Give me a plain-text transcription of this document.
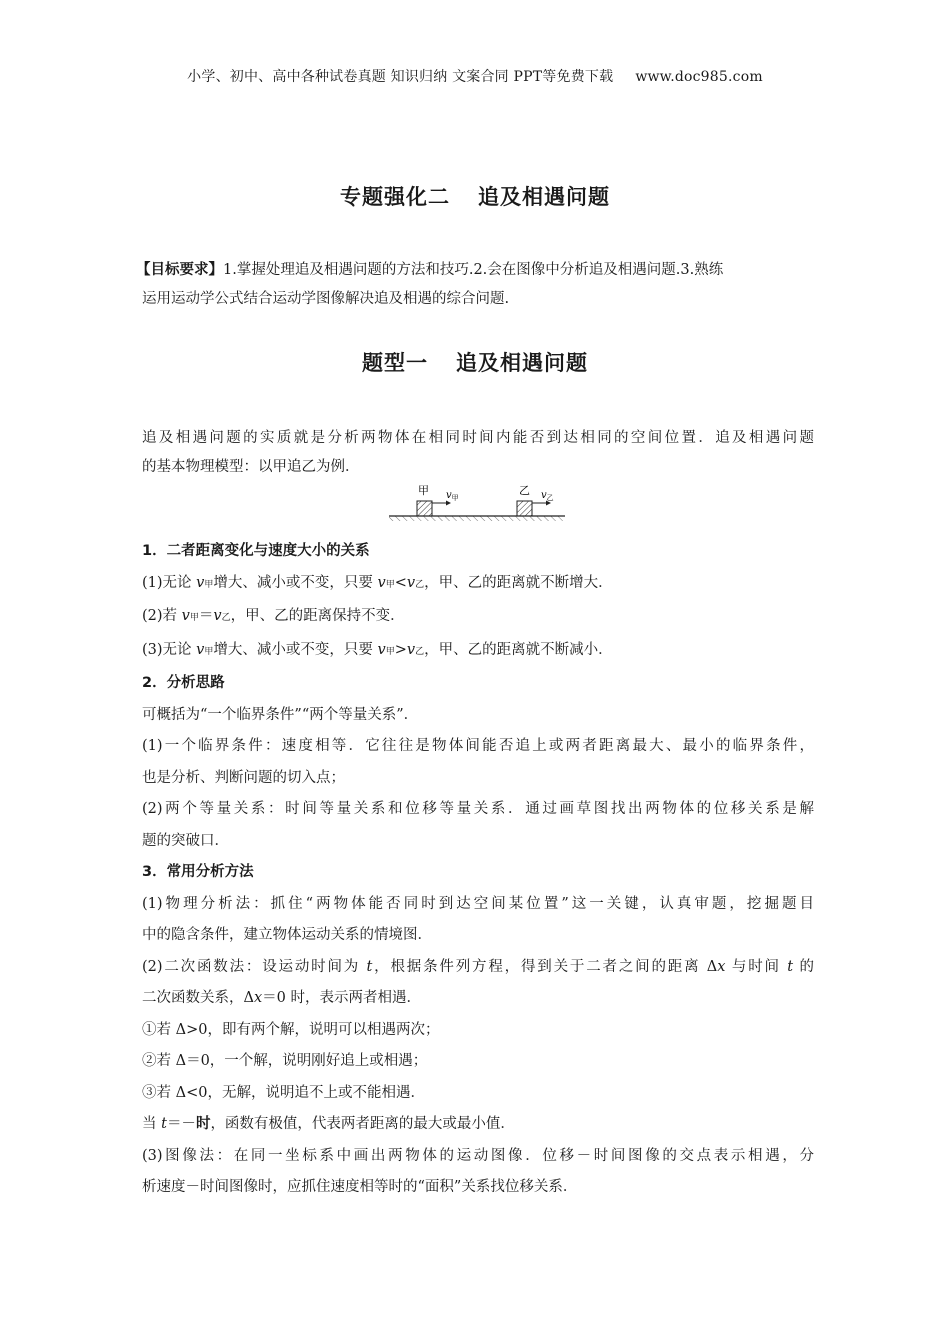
小学、初中、高中各种试卷真题 知识归纳 文案合同 PPT等免费下载 www.doc985.com
专题强化二 追及相遇问题
【目标要求】1.掌握处理追及相遇问题的方法和技巧.2.会在图像中分析追及相遇问题.3.熟练
运用运动学公式结合运动学图像解决追及相遇的综合问题.
题型一 追及相遇问题
追及相遇问题的实质就是分析两物体在相同时间内能否到达相同的空间位置．追及相遇问题
的基本物理模型：以甲追乙为例．
甲 $v_甲$
乙 $v_乙$

1．二者距离变化与速度大小的关系

(1)无论 v甲增大、减小或不变，只要 v甲<v乙，甲、乙的距离就不断增大．

(2)若 v甲＝v乙，甲、乙的距离保持不变．

(3)无论 v甲增大、减小或不变，只要 v甲>v乙，甲、乙的距离就不断减小．

2．分析思路

可概括为“一个临界条件”“两个等量关系”．

(1)一个临界条件：速度相等．它往往是物体间能否追上或两者距离最大、最小的临界条件，

也是分析、判断问题的切入点；

(2)两个等量关系：时间等量关系和位移等量关系．通过画草图找出两物体的位移关系是解

题的突破口．

3．常用分析方法

(1)物理分析法：抓住“两物体能否同时到达空间某位置”这一关键，认真审题，挖掘题目

中的隐含条件，建立物体运动关系的情境图．

(2)二次函数法：设运动时间为 t，根据条件列方程，得到关于二者之间的距离 Δx 与时间 t 的

二次函数关系，Δx＝0 时，表示两者相遇．

①若 Δ>0，即有两个解，说明可以相遇两次；

②若 Δ＝0，一个解，说明刚好追上或相遇；

③若 Δ<0，无解，说明追不上或不能相遇．

当 t＝－时，函数有极值，代表两者距离的最大或最小值．

(3)图像法：在同一坐标系中画出两物体的运动图像．位移－时间图像的交点表示相遇，分

析速度－时间图像时，应抓住速度相等时的“面积”关系找位移关系．
